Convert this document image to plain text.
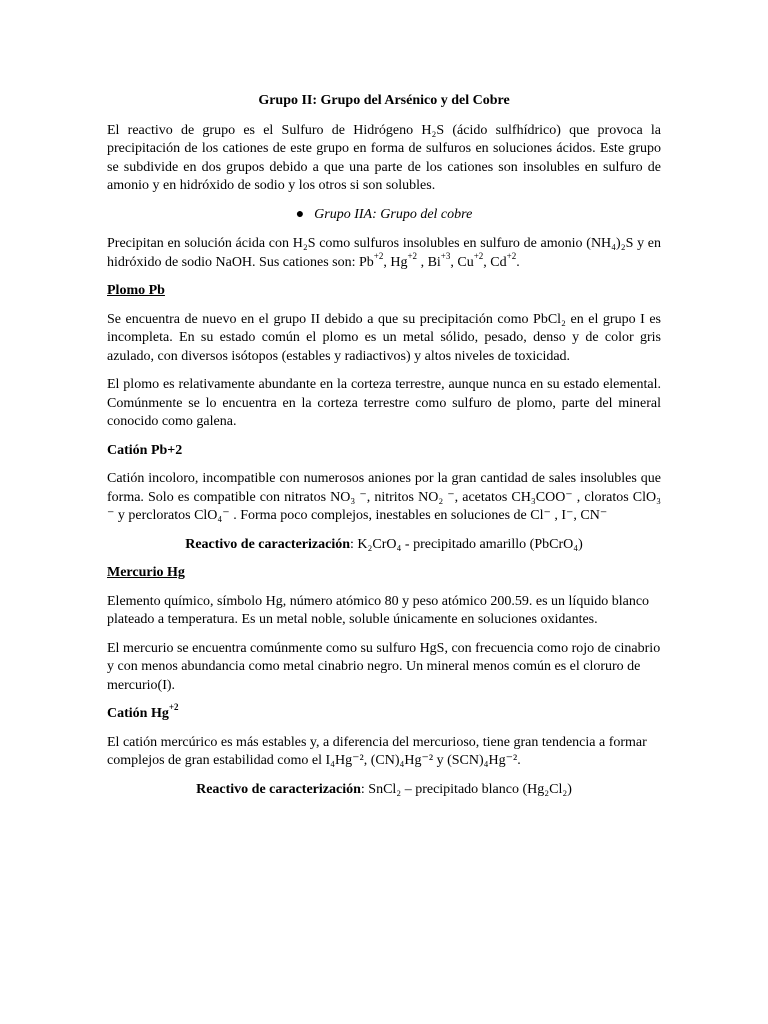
Grupo II: Grupo del Arsénico y del Cobre

El reactivo de grupo es el Sulfuro de Hidrógeno H₂S (ácido sulfhídrico) que provoca la precipitación de los cationes de este grupo en forma de sulfuros en soluciones ácidos. Este grupo se subdivide en dos grupos debido a que una parte de los cationes son insolubles en sulfuro de amonio y en hidróxido de sodio y los otros si son solubles.

● Grupo IIA: Grupo del cobre

Precipitan en solución ácida con H₂S como sulfuros insolubles en sulfuro de amonio (NH₄)₂S y en hidróxido de sodio NaOH. Sus cationes son: $Pb^{+2}$, $Hg^{+2}$ , $Bi^{+3}$, $Cu^{+2}$, $Cd^{+2}$.

Plomo Pb

Se encuentra de nuevo en el grupo II debido a que su precipitación como PbCl₂ en el grupo I es incompleta. En su estado común el plomo es un metal sólido, pesado, denso y de color gris azulado, con diversos isótopos (estables y radiactivos) y altos niveles de toxicidad.

El plomo es relativamente abundante en la corteza terrestre, aunque nunca en su estado elemental. Comúnmente se lo encuentra en la corteza terrestre como sulfuro de plomo, parte del mineral conocido como galena.

Catión Pb+2

Catión incoloro, incompatible con numerosos aniones por la gran cantidad de sales insolubles que forma. Solo es compatible con nitratos NO₃ ⁻, nitritos NO₂ ⁻, acetatos CH₃COO⁻ , cloratos ClO₃ ⁻ y percloratos ClO₄⁻ . Forma poco complejos, inestables en soluciones de Cl⁻ , I⁻, CN⁻

Reactivo de caracterización: K₂CrO₄ - precipitado amarillo (PbCrO₄)

Mercurio Hg

Elemento químico, símbolo Hg, número atómico 80 y peso atómico 200.59. es un líquido blanco plateado a temperatura. Es un metal noble, soluble únicamente en soluciones oxidantes.

El mercurio se encuentra comúnmente como su sulfuro HgS, con frecuencia como rojo de cinabrio y con menos abundancia como metal cinabrio negro. Un mineral menos común es el cloruro de mercurio(I).

Catión $Hg^{+2}$

El catión mercúrico es más estables y, a diferencia del mercurioso, tiene gran tendencia a formar complejos de gran estabilidad como el I₄Hg⁻², (CN)₄Hg⁻² y (SCN)₄Hg⁻².

Reactivo de caracterización: SnCl₂ – precipitado blanco (Hg₂Cl₂)
